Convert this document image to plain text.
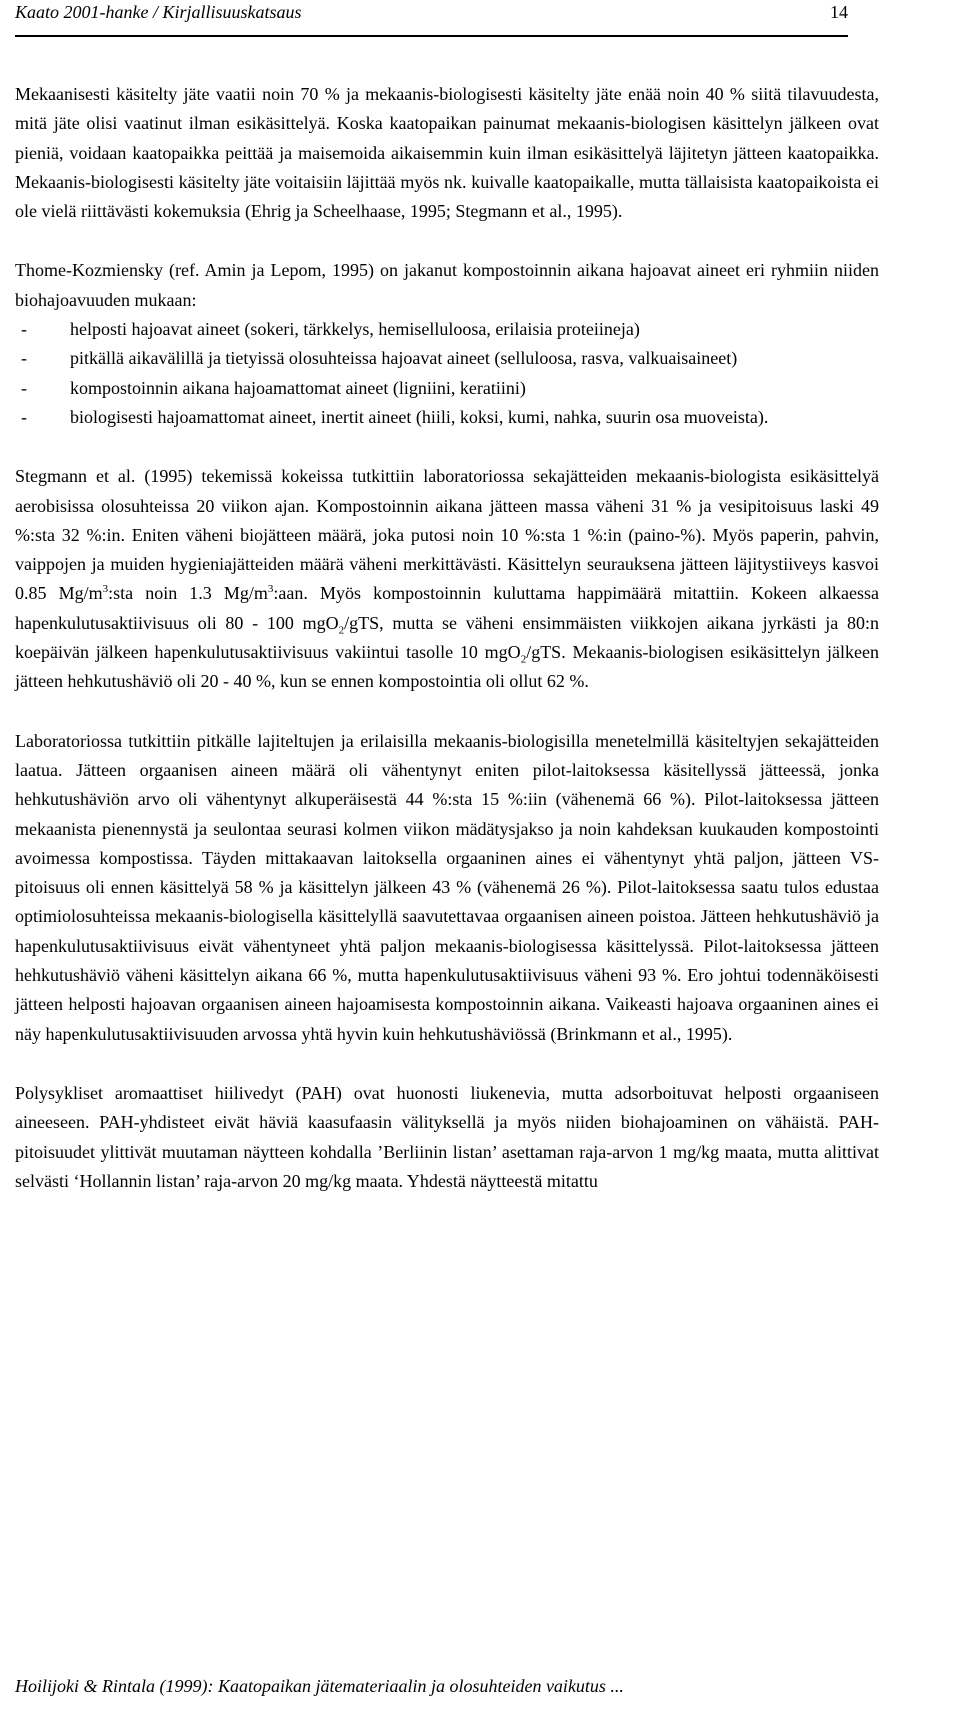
Kaato 2001-hanke / Kirjallisuuskatsaus	14

Mekaanisesti käsitelty jäte vaatii noin 70 % ja mekaanis-biologisesti käsitelty jäte enää noin 40 % siitä tilavuudesta, mitä jäte olisi vaatinut ilman esikäsittelyä. Koska kaatopaikan painumat mekaanis-biologisen käsittelyn jälkeen ovat pieniä, voidaan kaatopaikka peittää ja maisemoida aikaisemmin kuin ilman esikäsittelyä läjitetyn jätteen kaatopaikka. Mekaanis-biologisesti käsitelty jäte voitaisiin läjittää myös nk. kuivalle kaatopaikalle, mutta tällaisista kaatopaikoista ei ole vielä riittävästi kokemuksia (Ehrig ja Scheelhaase, 1995; Stegmann et al., 1995).

Thome-Kozmiensky (ref. Amin ja Lepom, 1995) on jakanut kompostoinnin aikana hajoavat aineet eri ryhmiin niiden biohajoavuuden mukaan:

- helposti hajoavat aineet (sokeri, tärkkelys, hemiselluloosa, erilaisia proteiineja)
- pitkällä aikavälillä ja tietyissä olosuhteissa hajoavat aineet (selluloosa, rasva, valkuaisaineet)
- kompostoinnin aikana hajoamattomat aineet (ligniini, keratiini)
- biologisesti hajoamattomat aineet, inertit aineet (hiili, koksi, kumi, nahka, suurin osa muoveista).

Stegmann et al. (1995) tekemissä kokeissa tutkittiin laboratoriossa sekajätteiden mekaanis-biologista esikäsittelyä aerobisissa olosuhteissa 20 viikon ajan. Kompostoinnin aikana jätteen massa väheni 31 % ja vesipitoisuus laski 49 %:sta 32 %:in. Eniten väheni biojätteen määrä, joka putosi noin 10 %:sta 1 %:in (paino-%). Myös paperin, pahvin, vaippojen ja muiden hygieniajätteiden määrä väheni merkittävästi. Käsittelyn seurauksena jätteen läjitystiiveys kasvoi 0.85 $Mg/m^3:sta$ noin 1.3 $Mg/m^3:aan$. Myös kompostoinnin kuluttama happimäärä mitattiin. Kokeen alkaessa hapenkulutusaktiivisuus oli 80 - 100 mgO$_2$/gTS, mutta se väheni ensimmäisten viikkojen aikana jyrkästi ja 80:n koepäivän jälkeen hapenkulutusaktiivisuus vakiintui tasolle 10 mgO$_2$/gTS. Mekaanis-biologisen esikäsittelyn jälkeen jätteen hehkutushäviö oli 20 - 40 %, kun se ennen kompostointia oli ollut 62 %.

Laboratoriossa tutkittiin pitkälle lajiteltujen ja erilaisilla mekaanis-biologisilla menetelmillä käsiteltyjen sekajätteiden laatua. Jätteen orgaanisen aineen määrä oli vähentynyt eniten pilot-laitoksessa käsitellyssä jätteessä, jonka hehkutushäviön arvo oli vähentynyt alkuperäisestä 44 %:sta 15 %:iin (vähenemä 66 %). Pilot-laitoksessa jätteen mekaanista pienennystä ja seulontaa seurasi kolmen viikon mädätysjakso ja noin kahdeksan kuukauden kompostointi avoimessa kompostissa. Täyden mittakaavan laitoksella orgaaninen aines ei vähentynyt yhtä paljon, jätteen VS-pitoisuus oli ennen käsittelyä 58 % ja käsittelyn jälkeen 43 % (vähenemä 26 %). Pilot-laitoksessa saatu tulos edustaa optimiolosuhteissa mekaanis-biologisella käsittelyllä saavutettavaa orgaanisen aineen poistoa. Jätteen hehkutushäviö ja hapenkulutusaktiivisuus eivät vähentyneet yhtä paljon mekaanis-biologisessa käsittelyssä. Pilot-laitoksessa jätteen hehkutushäviö väheni käsittelyn aikana 66 %, mutta hapenkulutusaktiivisuus väheni 93 %. Ero johtui todennäköisesti jätteen helposti hajoavan orgaanisen aineen hajoamisesta kompostoinnin aikana. Vaikeasti hajoava orgaaninen aines ei näy hapenkulutusaktiivisuuden arvossa yhtä hyvin kuin hehkutushäviössä (Brinkmann et al., 1995).

Polysykliset aromaattiset hiilivedyt (PAH) ovat huonosti liukenevia, mutta adsorboituvat helposti orgaaniseen aineeseen. PAH-yhdisteet eivät häviä kaasufaasin välityksellä ja myös niiden biohajoaminen on vähäistä. PAH-pitoisuudet ylittivät muutaman näytteen kohdalla ’Berliinin listan’ asettaman raja-arvon 1 mg/kg maata, mutta alittivat selvästi ‘Hollannin listan’ raja-arvon 20 mg/kg maata. Yhdestä näytteestä mitattu

Hoilijoki & Rintala (1999): Kaatopaikan jätemateriaalin ja olosuhteiden vaikutus ...
